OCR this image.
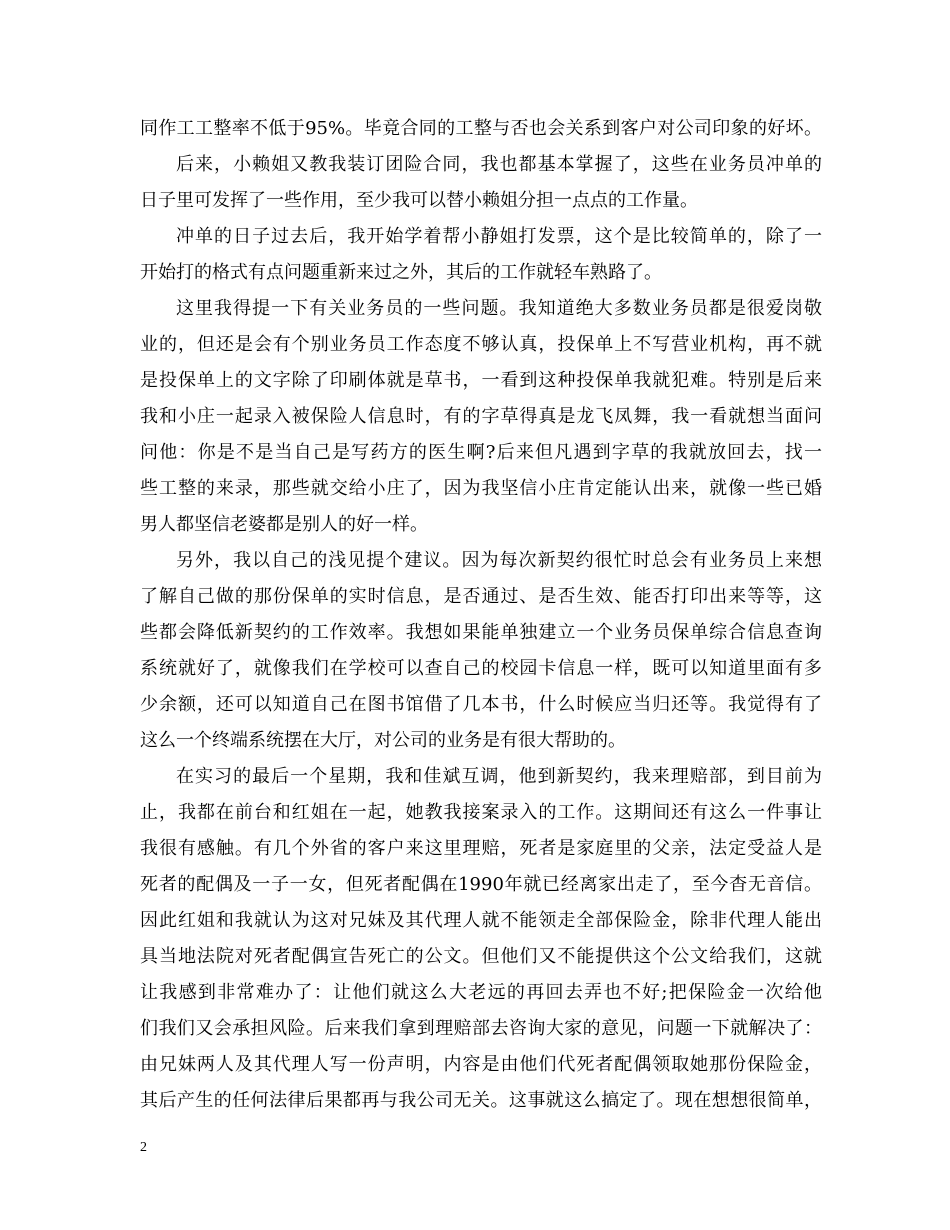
同作工工整率不低于95%。毕竟合同的工整与否也会关系到客户对公司印象的好坏。
后来，小赖姐又教我装订团险合同，我也都基本掌握了，这些在业务员冲单的
日子里可发挥了一些作用，至少我可以替小赖姐分担一点点的工作量。
冲单的日子过去后，我开始学着帮小静姐打发票，这个是比较简单的，除了一
开始打的格式有点问题重新来过之外，其后的工作就轻车熟路了。
这里我得提一下有关业务员的一些问题。我知道绝大多数业务员都是很爱岗敬
业的，但还是会有个别业务员工作态度不够认真，投保单上不写营业机构，再不就
是投保单上的文字除了印刷体就是草书，一看到这种投保单我就犯难。特别是后来
我和小庄一起录入被保险人信息时，有的字草得真是龙飞凤舞，我一看就想当面问
问他：你是不是当自己是写药方的医生啊?后来但凡遇到字草的我就放回去，找一
些工整的来录，那些就交给小庄了，因为我坚信小庄肯定能认出来，就像一些已婚
男人都坚信老婆都是别人的好一样。
另外，我以自己的浅见提个建议。因为每次新契约很忙时总会有业务员上来想
了解自己做的那份保单的实时信息，是否通过、是否生效、能否打印出来等等，这
些都会降低新契约的工作效率。我想如果能单独建立一个业务员保单综合信息查询
系统就好了，就像我们在学校可以查自己的校园卡信息一样，既可以知道里面有多
少余额，还可以知道自己在图书馆借了几本书，什么时候应当归还等。我觉得有了
这么一个终端系统摆在大厅，对公司的业务是有很大帮助的。
在实习的最后一个星期，我和佳斌互调，他到新契约，我来理赔部，到目前为
止，我都在前台和红姐在一起，她教我接案录入的工作。这期间还有这么一件事让
我很有感触。有几个外省的客户来这里理赔，死者是家庭里的父亲，法定受益人是
死者的配偶及一子一女，但死者配偶在1990年就已经离家出走了，至今杳无音信。
因此红姐和我就认为这对兄妹及其代理人就不能领走全部保险金，除非代理人能出
具当地法院对死者配偶宣告死亡的公文。但他们又不能提供这个公文给我们，这就
让我感到非常难办了：让他们就这么大老远的再回去弄也不好;把保险金一次给他
们我们又会承担风险。后来我们拿到理赔部去咨询大家的意见，问题一下就解决了：
由兄妹两人及其代理人写一份声明，内容是由他们代死者配偶领取她那份保险金，
其后产生的任何法律后果都再与我公司无关。这事就这么搞定了。现在想想很简单，
2
